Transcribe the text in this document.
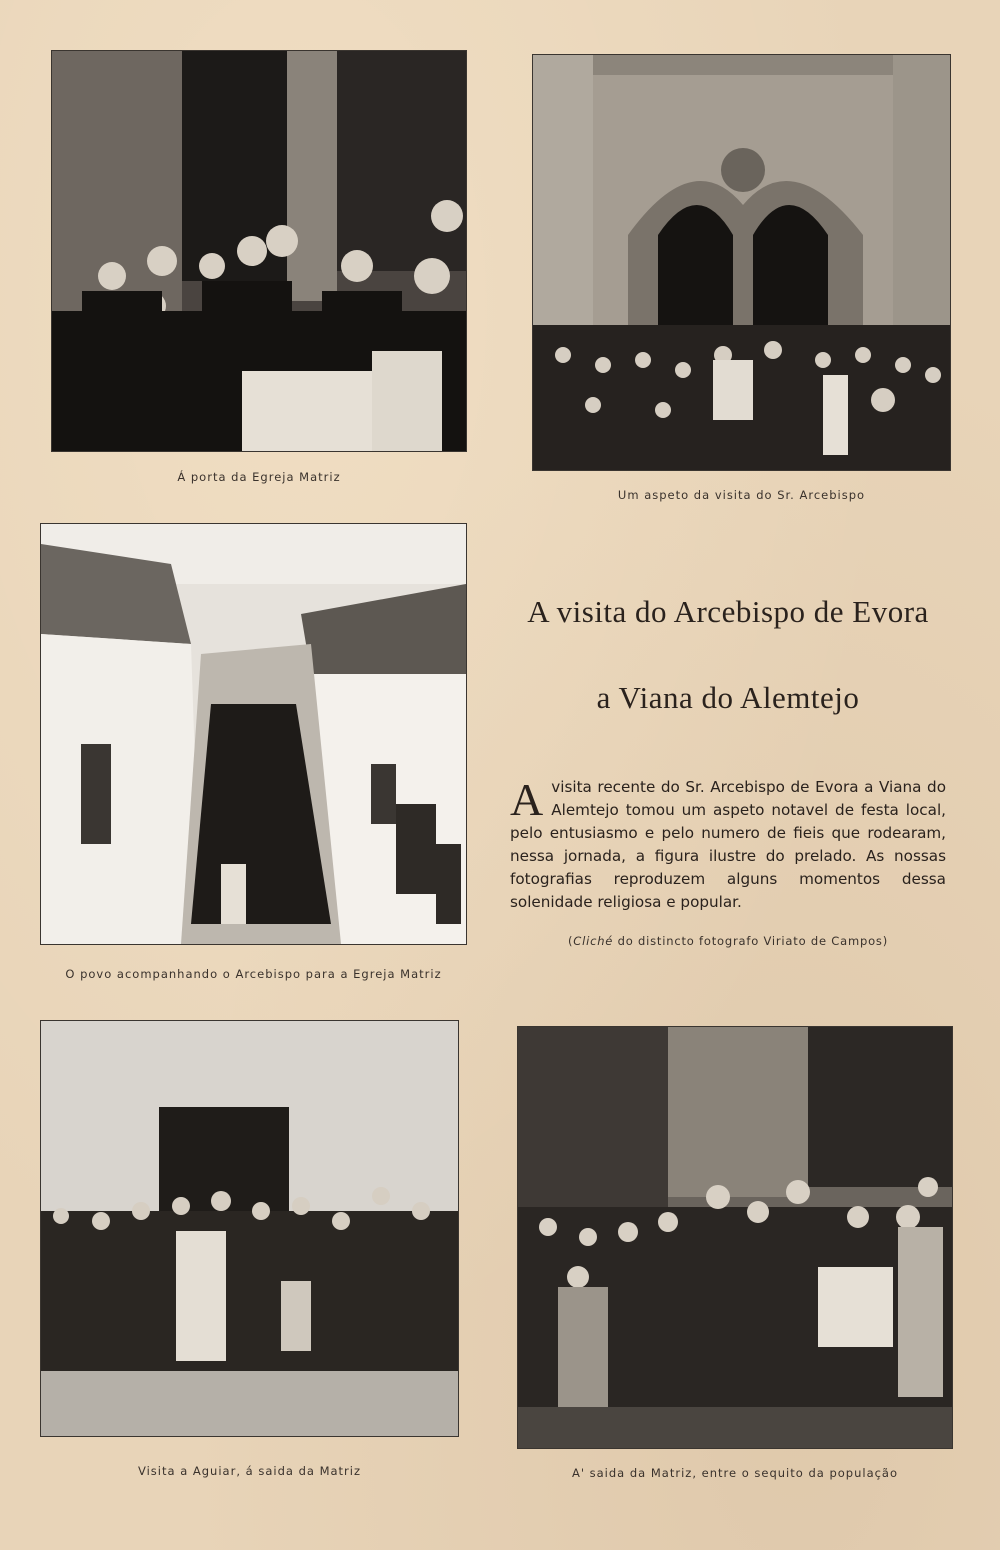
Á porta da Egreja Matriz
Um aspeto da visita do Sr. Arcebispo
O povo acompanhando o Arcebispo para a Egreja Matriz
A visita do Arcebispo de Evora
a Viana do Alemtejo
Avisita recente do Sr. Arcebispo de Evora a Viana do Alemtejo tomou um aspeto notavel de festa local, pelo entusiasmo e pelo numero de fieis que rodearam, nessa jornada, a figura ilustre do prelado. As nossas fotografias reproduzem alguns momentos dessa solenidade religiosa e popular.
(Cliché do distincto fotografo Viriato de Campos)
Visita a Aguiar, á saida da Matriz	A' saida da Matriz, entre o sequito da população
